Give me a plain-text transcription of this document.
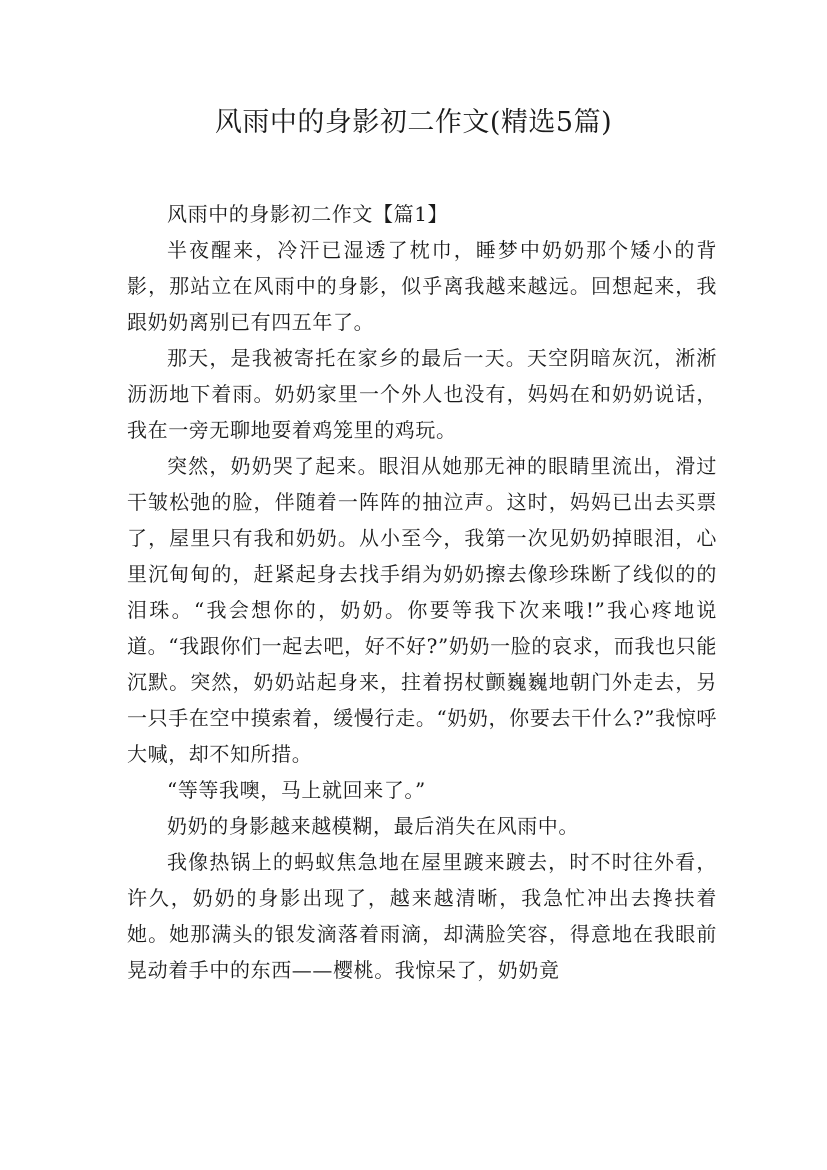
风雨中的身影初二作文(精选5篇)

风雨中的身影初二作文【篇1】

半夜醒来，冷汗已湿透了枕巾，睡梦中奶奶那个矮小的背影，那站立在风雨中的身影，似乎离我越来越远。回想起来，我跟奶奶离别已有四五年了。

那天，是我被寄托在家乡的最后一天。天空阴暗灰沉，淅淅沥沥地下着雨。奶奶家里一个外人也没有，妈妈在和奶奶说话，我在一旁无聊地耍着鸡笼里的鸡玩。

突然，奶奶哭了起来。眼泪从她那无神的眼睛里流出，滑过干皱松弛的脸，伴随着一阵阵的抽泣声。这时，妈妈已出去买票了，屋里只有我和奶奶。从小至今，我第一次见奶奶掉眼泪，心里沉甸甸的，赶紧起身去找手绢为奶奶擦去像珍珠断了线似的的泪珠。“我会想你的，奶奶。你要等我下次来哦!”我心疼地说道。“我跟你们一起去吧，好不好?”奶奶一脸的哀求，而我也只能沉默。突然，奶奶站起身来，拄着拐杖颤巍巍地朝门外走去，另一只手在空中摸索着，缓慢行走。“奶奶，你要去干什么?”我惊呼大喊，却不知所措。

“等等我噢，马上就回来了。”

奶奶的身影越来越模糊，最后消失在风雨中。

我像热锅上的蚂蚁焦急地在屋里踱来踱去，时不时往外看，许久，奶奶的身影出现了，越来越清晰，我急忙冲出去搀扶着她。她那满头的银发滴落着雨滴，却满脸笑容，得意地在我眼前晃动着手中的东西——樱桃。我惊呆了，奶奶竟
